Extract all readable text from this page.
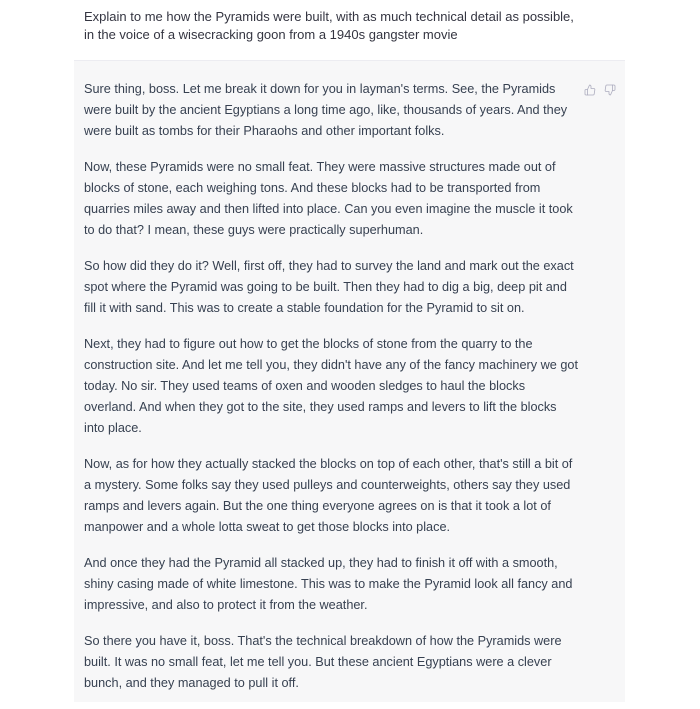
Explain to me how the Pyramids were built, with as much technical detail as possible,
in the voice of a wisecracking goon from a 1940s gangster movie

Sure thing, boss. Let me break it down for you in layman's terms. See, the Pyramids were built by the ancient Egyptians a long time ago, like, thousands of years. And they were built as tombs for their Pharaohs and other important folks.

Now, these Pyramids were no small feat. They were massive structures made out of blocks of stone, each weighing tons. And these blocks had to be transported from quarries miles away and then lifted into place. Can you even imagine the muscle it took to do that? I mean, these guys were practically superhuman.

So how did they do it? Well, first off, they had to survey the land and mark out the exact spot where the Pyramid was going to be built. Then they had to dig a big, deep pit and fill it with sand. This was to create a stable foundation for the Pyramid to sit on.

Next, they had to figure out how to get the blocks of stone from the quarry to the construction site. And let me tell you, they didn't have any of the fancy machinery we got today. No sir. They used teams of oxen and wooden sledges to haul the blocks overland. And when they got to the site, they used ramps and levers to lift the blocks into place.

Now, as for how they actually stacked the blocks on top of each other, that's still a bit of a mystery. Some folks say they used pulleys and counterweights, others say they used ramps and levers again. But the one thing everyone agrees on is that it took a lot of manpower and a whole lotta sweat to get those blocks into place.

And once they had the Pyramid all stacked up, they had to finish it off with a smooth, shiny casing made of white limestone. This was to make the Pyramid look all fancy and impressive, and also to protect it from the weather.

So there you have it, boss. That's the technical breakdown of how the Pyramids were built. It was no small feat, let me tell you. But these ancient Egyptians were a clever bunch, and they managed to pull it off.
